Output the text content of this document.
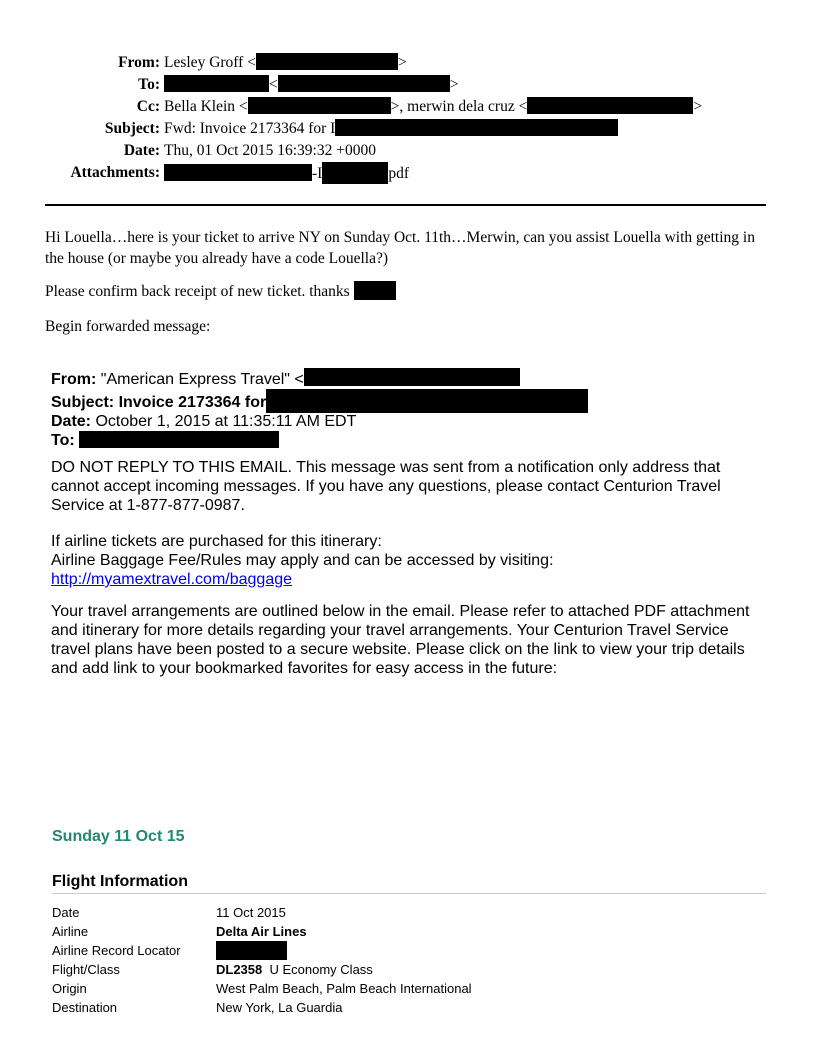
From: Lesley Groff <	>
To:	<	>
Cc: Bella Klein <	>, merwin dela cruz <	>
Subject: Fwd: Invoice 2173364 for I
Date: Thu, 01 Oct 2015 16:39:32 +0000
Attachments:	-I	pdf
Hi Louella…here is your ticket to arrive NY on Sunday Oct. 11th…Merwin, can you assist Louella with getting in the house (or maybe you already have a code Louella?)
Please confirm back receipt of new ticket. thanks
Begin forwarded message:
From: "American Express Travel" <
Subject: Invoice 2173364 for
Date: October 1, 2015 at 11:35:11 AM EDT
To:
DO NOT REPLY TO THIS EMAIL. This message was sent from a notification only address that cannot accept incoming messages. If you have any questions, please contact Centurion Travel Service at 1-877-877-0987.
If airline tickets are purchased for this itinerary:
Airline Baggage Fee/Rules may apply and can be accessed by visiting:
http://myamextravel.com/baggage
Your travel arrangements are outlined below in the email. Please refer to attached PDF attachment and itinerary for more details regarding your travel arrangements. Your Centurion Travel Service travel plans have been posted to a secure website. Please click on the link to view your trip details and add link to your bookmarked favorites for easy access in the future:
Sunday 11 Oct 15
Flight Information
Date	11 Oct 2015
Airline	Delta Air Lines
Airline Record Locator
Flight/Class	DL2358 U Economy Class
Origin	West Palm Beach, Palm Beach International
Destination	New York, La Guardia
